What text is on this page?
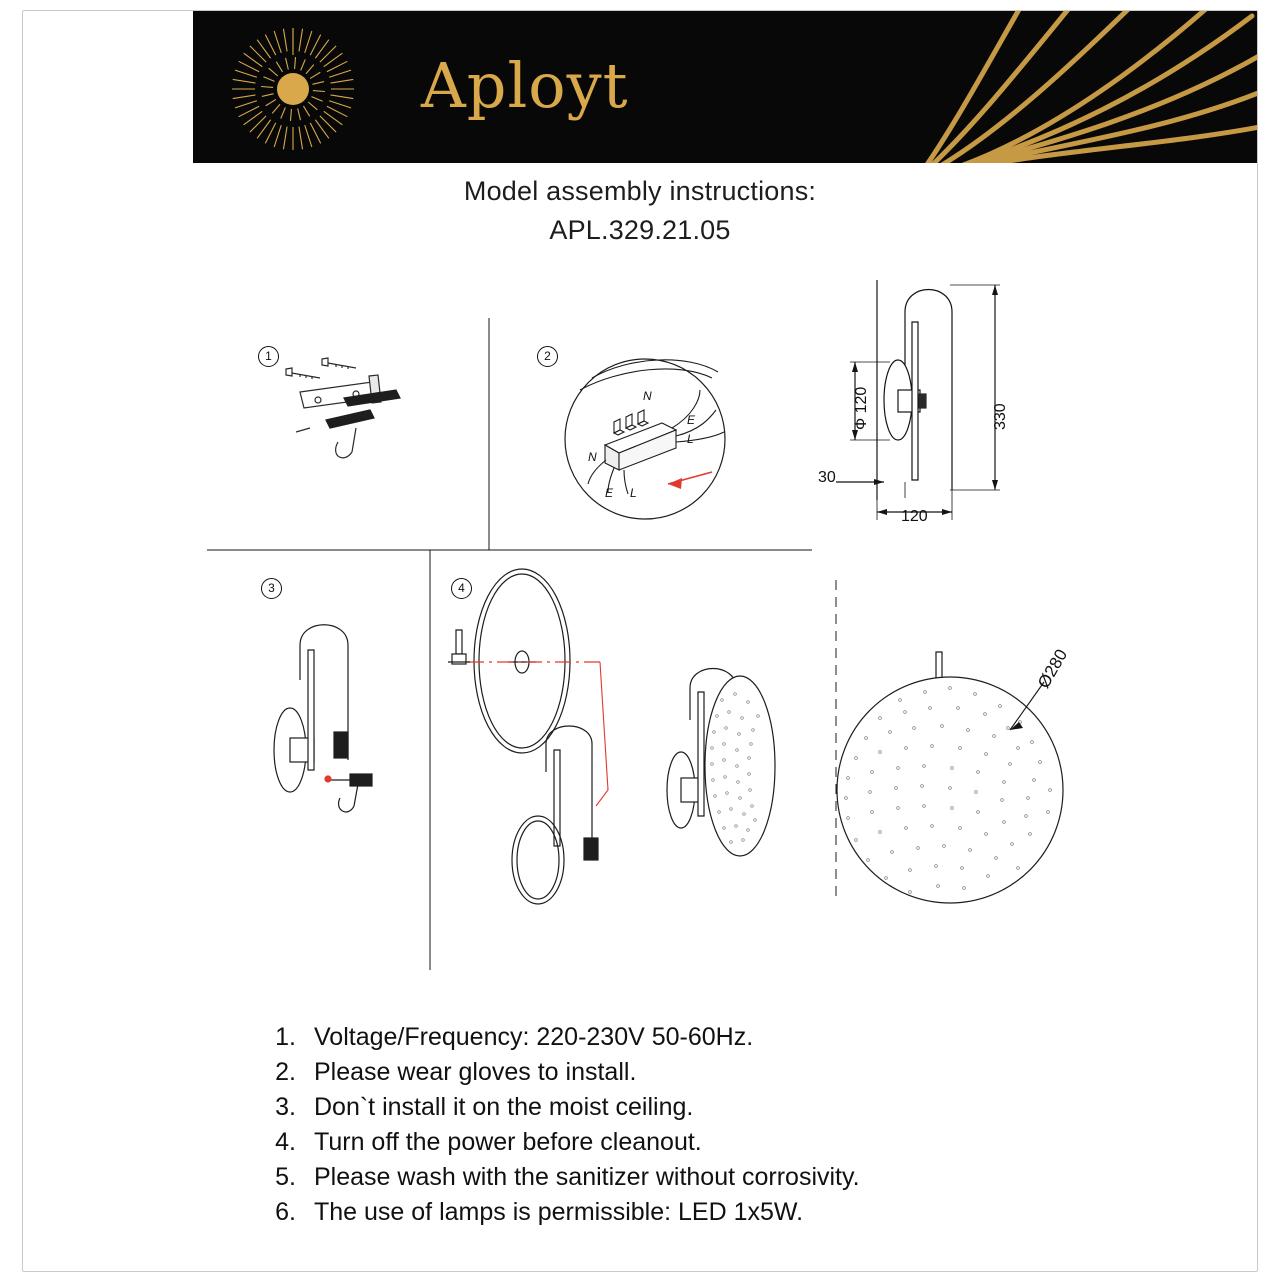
Aployt
Model assembly instructions:
APL.329.21.05
1	2
3	4
N
E
L
N
E L
330
Ф 120
30
120
Ø280
1. Voltage/Frequency: 220-230V 50-60Hz.
2. Please wear gloves to install.
3. Don`t install it on the moist ceiling.
4. Turn off the power before cleanout.
5. Please wash with the sanitizer without corrosivity.
6. The use of lamps is permissible: LED 1x5W.
